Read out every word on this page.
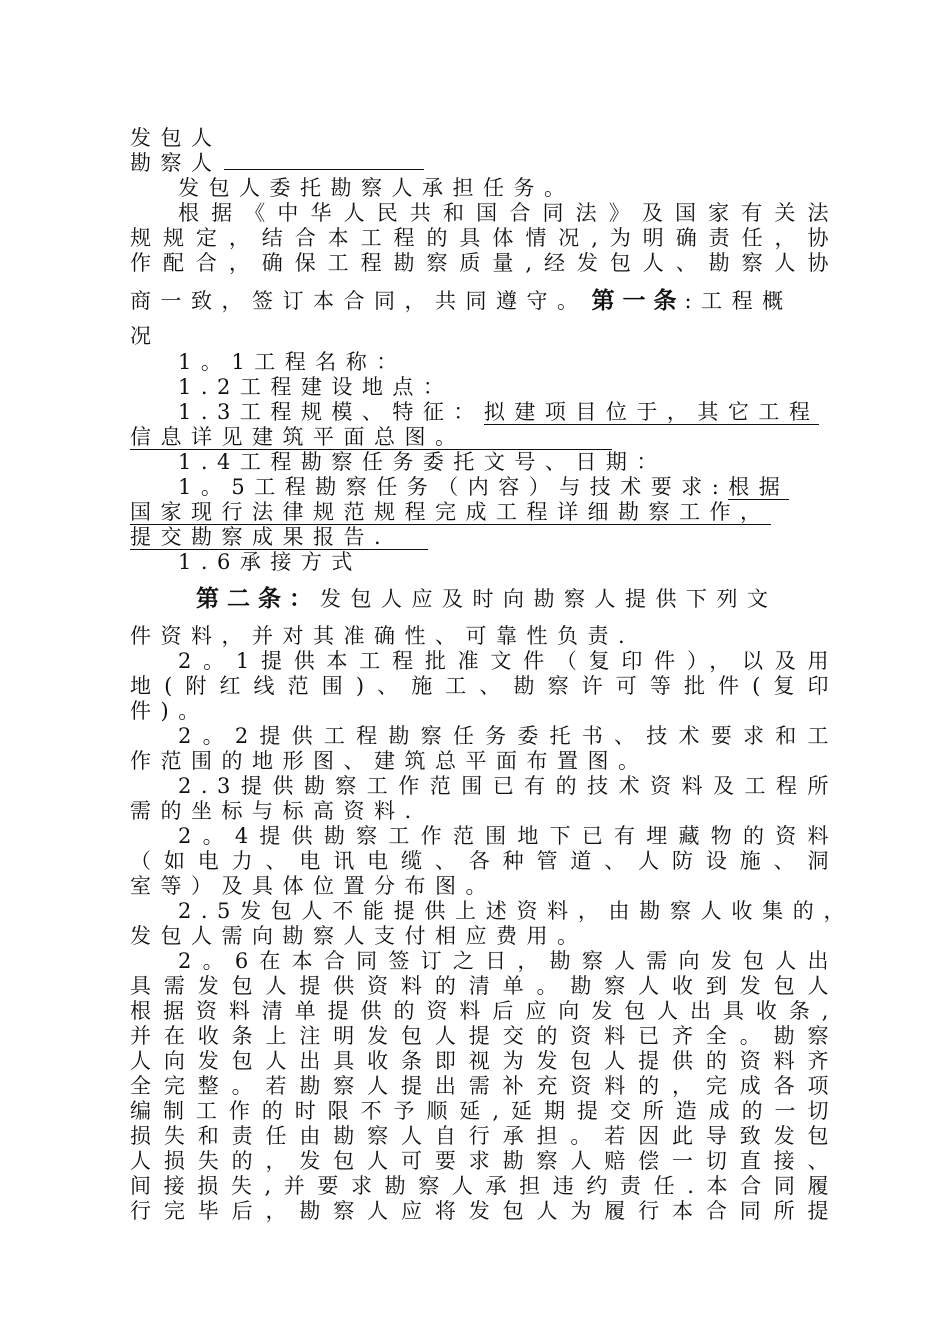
发包人
勘察人
发包人委托勘察人承担任务。
根据《中华人民共和国合同法》及国家有关法
规规定，结合本工程的具体情况,为明确责任，协
作配合，确保工程勘察质量,经发包人、勘察人协
商一致，签订本合同，共同遵守。 第一条:工程概
况
1。1工程名称：
1.2工程建设地点：
1.3工程规模、特征：拟建项目位于，其它工程
信息详见建筑平面总图。
1.4工程勘察任务委托文号、日期：
1。5工程勘察任务（内容）与技术要求:根据
国家现行法律规范规程完成工程详细勘察工作，
提交勘察成果报告.
1.6承接方式
第二条：发包人应及时向勘察人提供下列文
件资料，并对其准确性、可靠性负责.
2。1提供本工程批准文件（复印件），以及用
地(附红线范围)、施工、勘察许可等批件(复印
件)。
2。2提供工程勘察任务委托书、技术要求和工
作范围的地形图、建筑总平面布置图。
2.3提供勘察工作范围已有的技术资料及工程所
需的坐标与标高资料.
2。4提供勘察工作范围地下已有埋藏物的资料
（如电力、电讯电缆、各种管道、人防设施、洞
室等）及具体位置分布图。
2.5发包人不能提供上述资料，由勘察人收集的，
发包人需向勘察人支付相应费用。
2。6在本合同签订之日，勘察人需向发包人出
具需发包人提供资料的清单。勘察人收到发包人
根据资料清单提供的资料后应向发包人出具收条,
并在收条上注明发包人提交的资料已齐全。勘察
人向发包人出具收条即视为发包人提供的资料齐
全完整。若勘察人提出需补充资料的，完成各项
编制工作的时限不予顺延,延期提交所造成的一切
损失和责任由勘察人自行承担。若因此导致发包
人损失的，发包人可要求勘察人赔偿一切直接、
间接损失,并要求勘察人承担违约责任.本合同履
行完毕后，勘察人应将发包人为履行本合同所提
